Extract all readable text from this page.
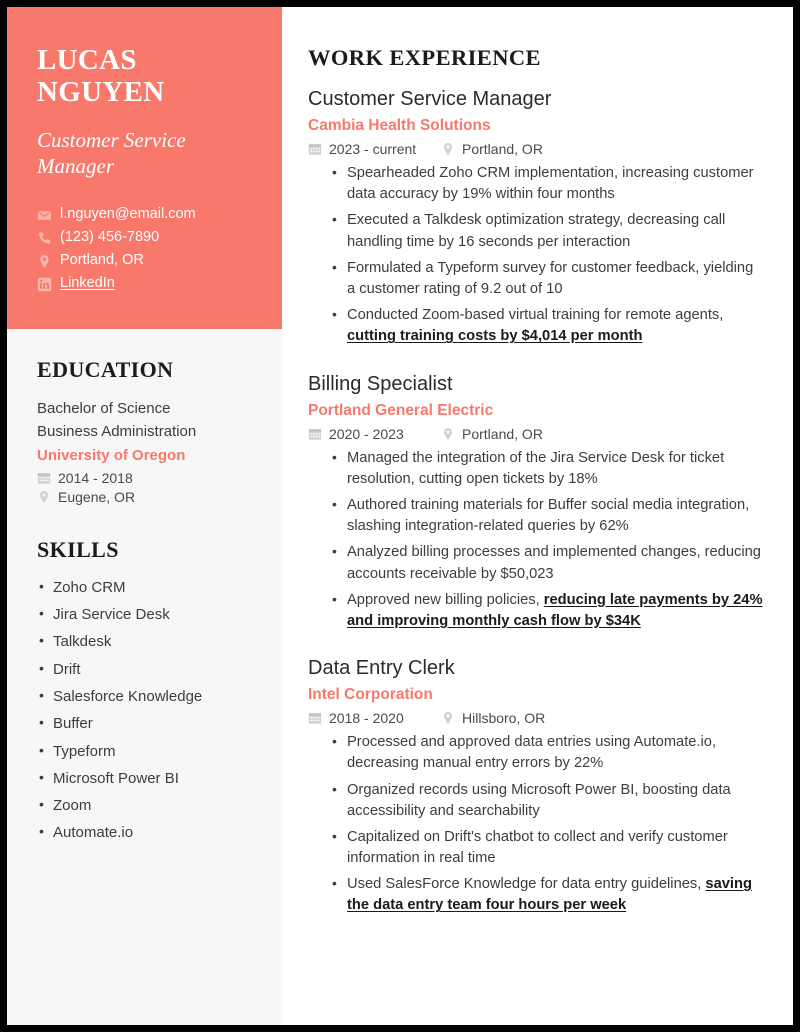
LUCAS NGUYEN
Customer Service Manager
l.nguyen@email.com
(123) 456-7890
Portland, OR
LinkedIn
EDUCATION
Bachelor of Science
Business Administration
University of Oregon
2014 - 2018
Eugene, OR
SKILLS
• Zoho CRM
• Jira Service Desk
• Talkdesk
• Drift
• Salesforce Knowledge
• Buffer
• Typeform
• Microsoft Power BI
• Zoom
• Automate.io
WORK EXPERIENCE
Customer Service Manager
Cambia Health Solutions
2023 - current	Portland, OR
• Spearheaded Zoho CRM implementation, increasing customer data accuracy by 19% within four months
• Executed a Talkdesk optimization strategy, decreasing call handling time by 16 seconds per interaction
• Formulated a Typeform survey for customer feedback, yielding a customer rating of 9.2 out of 10
• Conducted Zoom-based virtual training for remote agents, cutting training costs by $4,014 per month
Billing Specialist
Portland General Electric
2020 - 2023	Portland, OR
• Managed the integration of the Jira Service Desk for ticket resolution, cutting open tickets by 18%
• Authored training materials for Buffer social media integration, slashing integration-related queries by 62%
• Analyzed billing processes and implemented changes, reducing accounts receivable by $50,023
• Approved new billing policies, reducing late payments by 24% and improving monthly cash flow by $34K
Data Entry Clerk
Intel Corporation
2018 - 2020	Hillsboro, OR
• Processed and approved data entries using Automate.io, decreasing manual entry errors by 22%
• Organized records using Microsoft Power BI, boosting data accessibility and searchability
• Capitalized on Drift's chatbot to collect and verify customer information in real time
• Used SalesForce Knowledge for data entry guidelines, saving the data entry team four hours per week
